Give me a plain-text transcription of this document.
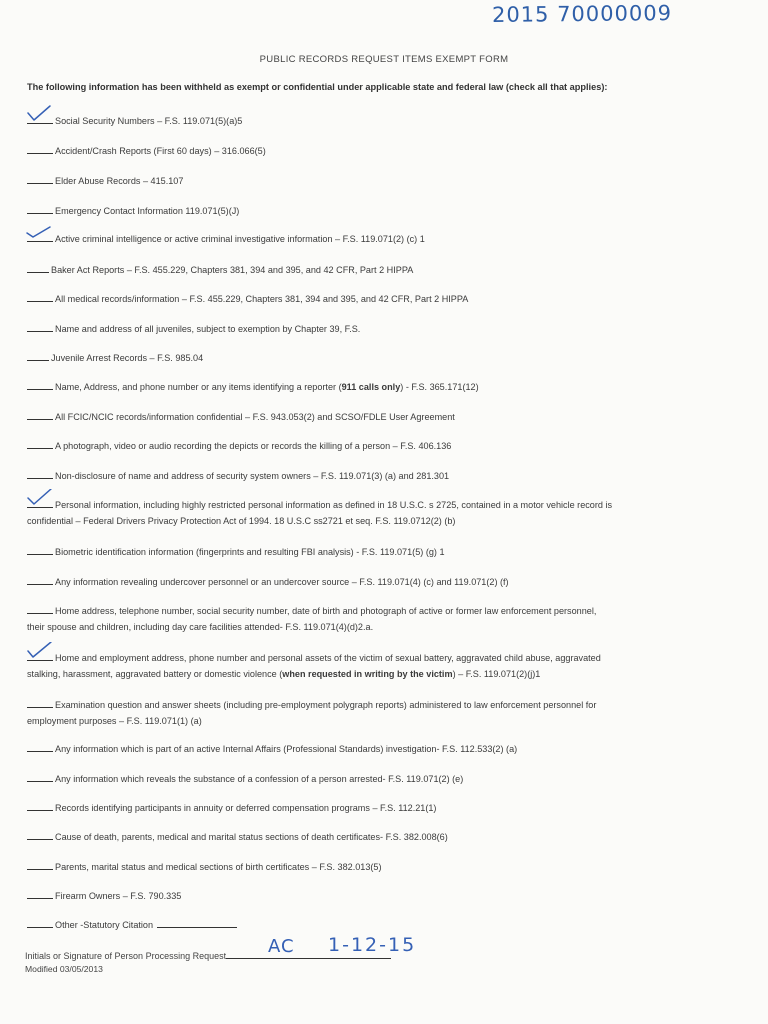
2015 70000009
PUBLIC RECORDS REQUEST ITEMS EXEMPT FORM
The following information has been withheld as exempt or confidential under applicable state and federal law (check all that applies):
Social Security Numbers – F.S. 119.071(5)(a)5
Accident/Crash Reports (First 60 days) – 316.066(5)
Elder Abuse Records – 415.107
Emergency Contact Information 119.071(5)(J)
Active criminal intelligence or active criminal investigative information – F.S. 119.071(2) (c) 1
Baker Act Reports – F.S. 455.229, Chapters 381, 394 and 395, and 42 CFR, Part 2 HIPPA
All medical records/information – F.S. 455.229, Chapters 381, 394 and 395, and 42 CFR, Part 2 HIPPA
Name and address of all juveniles, subject to exemption by Chapter 39, F.S.
Juvenile Arrest Records – F.S. 985.04
Name, Address, and phone number or any items identifying a reporter (911 calls only) - F.S. 365.171(12)
All FCIC/NCIC records/information confidential – F.S. 943.053(2) and SCSO/FDLE User Agreement
A photograph, video or audio recording the depicts or records the killing of a person – F.S. 406.136
Non-disclosure of name and address of security system owners – F.S. 119.071(3) (a) and 281.301
Personal information, including highly restricted personal information as defined in 18 U.S.C. s 2725, contained in a motor vehicle record is
confidential – Federal Drivers Privacy Protection Act of 1994. 18 U.S.C ss2721 et seq. F.S. 119.0712(2) (b)
Biometric identification information (fingerprints and resulting FBI analysis) - F.S. 119.071(5) (g) 1
Any information revealing undercover personnel or an undercover source – F.S. 119.071(4) (c) and 119.071(2) (f)
Home address, telephone number, social security number, date of birth and photograph of active or former law enforcement personnel,
their spouse and children, including day care facilities attended- F.S. 119.071(4)(d)2.a.
Home and employment address, phone number and personal assets of the victim of sexual battery, aggravated child abuse, aggravated
stalking, harassment, aggravated battery or domestic violence (when requested in writing by the victim) – F.S. 119.071(2)(j)1
Examination question and answer sheets (including pre-employment polygraph reports) administered to law enforcement personnel for
employment purposes – F.S. 119.071(1) (a)
Any information which is part of an active Internal Affairs (Professional Standards) investigation- F.S. 112.533(2) (a)
Any information which reveals the substance of a confession of a person arrested- F.S. 119.071(2) (e)
Records identifying participants in annuity or deferred compensation programs – F.S. 112.21(1)
Cause of death, parents, medical and marital status sections of death certificates- F.S. 382.008(6)
Parents, marital status and medical sections of birth certificates – F.S. 382.013(5)
Firearm Owners – F.S. 790.335
Other -Statutory Citation
Initials or Signature of Person Processing Request	AC 1-12-15
Modified 03/05/2013
